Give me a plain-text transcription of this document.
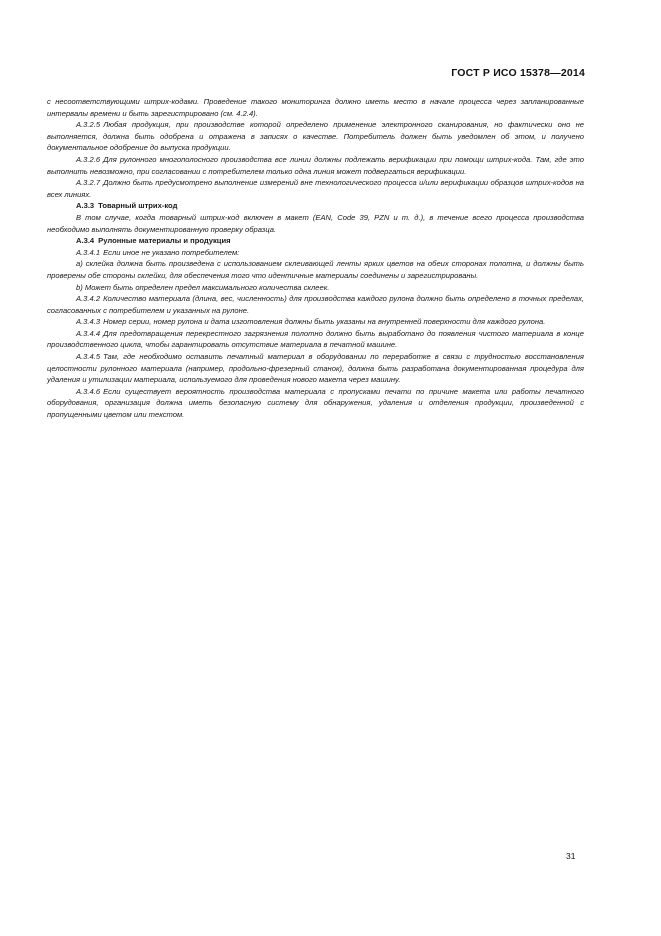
ГОСТ Р ИСО 15378—2014

с несоответствующими штрих-кодами. Проведение такого мониторинга должно иметь место в начале процесса через запланированные интервалы времени и быть зарегистрировано (см. 4.2.4).

А.3.2.5 Любая продукция, при производстве которой определено применение электронного сканирования, но фактически оно не выполняется, должна быть одобрена и отражена в записях о качестве. Потребитель должен быть уведомлен об этом, и получено документальное одобрение до выпуска продукции.

А.3.2.6 Для рулонного многополосного производства все линии должны подлежать верификации при помощи штрих-кода. Там, где это выполнить невозможно, при согласовании с потребителем только одна линия может подвергаться верификации.

А.3.2.7 Должно быть предусмотрено выполнение измерений вне технологического процесса и/или верификации образцов штрих-кодов на всех линиях.

А.3.3 Товарный штрих-код

В том случае, когда товарный штрих-код включен в макет (EAN, Code 39, PZN и т. д.), в течение всего процесса производства необходимо выполнять документированную проверку образца.

А.3.4 Рулонные материалы и продукция

А.3.4.1 Если иное не указано потребителем:

а) склейка должна быть произведена с использованием склеивающей ленты ярких цветов на обеих сторонах полотна, и должны быть проверены обе стороны склейки, для обеспечения того что идентичные материалы соединены и зарегистрированы.

b) Может быть определен предел максимального количества склеек.

А.3.4.2 Количество материала (длина, вес, численность) для производства каждого рулона должно быть определено в точных пределах, согласованных с потребителем и указанных на рулоне.

А.3.4.3 Номер серии, номер рулона и дата изготовления должны быть указаны на внутренней поверхности для каждого рулона.

А.3.4.4 Для предотвращения перекрестного загрязнения полотно должно быть выработано до появления чистого материала в конце производственного цикла, чтобы гарантировать отсутствие материала в печатной машине.

А.3.4.5 Там, где необходимо оставить печатный материал в оборудовании по переработке в связи с трудностью восстановления целостности рулонного материала (например, продольно-фрезерный станок), должна быть разработана документированная процедура для удаления и утилизации материала, используемого для проведения нового макета через машину.

А.3.4.6 Если существует вероятность производства материала с пропусками печати по причине макета или работы печатного оборудования, организация должна иметь безопасную систему для обнаружения, удаления и отделения продукции, произведенной с пропущенными цветом или текстом.

31
